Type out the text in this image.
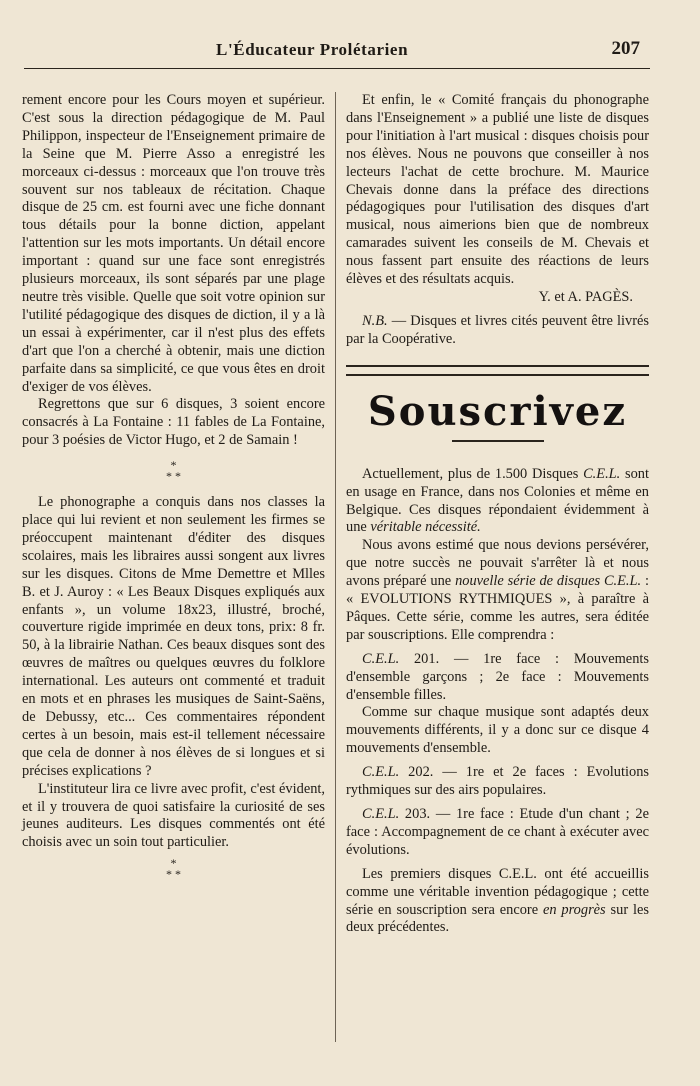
L'Éducateur Prolétarien	207

rement encore pour les Cours moyen et supérieur. C'est sous la direction pédagogique de M. Paul Philippon, inspecteur de l'Enseignement primaire de la Seine que M. Pierre Asso a enregistré les morceaux ci-dessus : morceaux que l'on trouve très souvent sur nos tableaux de récitation. Chaque disque de 25 cm. est fourni avec une fiche donnant tous détails pour la bonne diction, appelant l'attention sur les mots importants. Un détail encore important : quand sur une face sont enregistrés plusieurs morceaux, ils sont séparés par une plage neutre très visible. Quelle que soit votre opinion sur l'utilité pédagogique des disques de diction, il y a là un essai à expérimenter, car il n'est plus des effets d'art que l'on a cherché à obtenir, mais une diction parfaite dans sa simplicité, ce que vous êtes en droit d'exiger de vos élèves.

Regrettons que sur 6 disques, 3 soient encore consacrés à La Fontaine : 11 fables de La Fontaine, pour 3 poésies de Victor Hugo, et 2 de Samain !

*
* *

Le phonographe a conquis dans nos classes la place qui lui revient et non seulement les firmes se préoccupent maintenant d'éditer des disques scolaires, mais les libraires aussi songent aux livres sur les disques. Citons de Mme Demettre et Mlles B. et J. Auroy : « Les Beaux Disques expliqués aux enfants », un volume 18x23, illustré, broché, couverture rigide imprimée en deux tons, prix: 8 fr. 50, à la librairie Nathan. Ces beaux disques sont des œuvres de maîtres ou quelques œuvres du folklore international. Les auteurs ont commenté et traduit en mots et en phrases les musiques de Saint-Saëns, de Debussy, etc... Ces commentaires répondent certes à un besoin, mais est-il tellement nécessaire que cela de donner à nos élèves de si longues et si précises explications ?

L'instituteur lira ce livre avec profit, c'est évident, et il y trouvera de quoi satisfaire la curiosité de ses jeunes auditeurs. Les disques commentés ont été choisis avec un soin tout particulier.

*
* *

Et enfin, le « Comité français du phonographe dans l'Enseignement » a publié une liste de disques pour l'initiation à l'art musical : disques choisis pour nos élèves. Nous ne pouvons que conseiller à nos lecteurs l'achat de cette brochure. M. Maurice Chevais donne dans la préface des directions pédagogiques pour l'utilisation des disques d'art musical, nous aimerions bien que de nombreux camarades suivent les conseils de M. Chevais et nous fassent part ensuite des réactions de leurs élèves et des résultats acquis.

Y. et A. PAGÈS.

N.B. — Disques et livres cités peuvent être livrés par la Coopérative.

Souscrivez

Actuellement, plus de 1.500 Disques C.E.L. sont en usage en France, dans nos Colonies et même en Belgique. Ces disques répondaient évidemment à une véritable nécessité.

Nous avons estimé que nous devions persévérer, que notre succès ne pouvait s'arrêter là et nous avons préparé une nouvelle série de disques C.E.L. : « EVOLUTIONS RYTHMIQUES », à paraître à Pâques. Cette série, comme les autres, sera éditée par souscriptions. Elle comprendra :

C.E.L. 201. — 1re face : Mouvements d'ensemble garçons ; 2e face : Mouvements d'ensemble filles.

Comme sur chaque musique sont adaptés deux mouvements différents, il y a donc sur ce disque 4 mouvements d'ensemble.

C.E.L. 202. — 1re et 2e faces : Evolutions rythmiques sur des airs populaires.

C.E.L. 203. — 1re face : Etude d'un chant ; 2e face : Accompagnement de ce chant à exécuter avec évolutions.

Les premiers disques C.E.L. ont été accueillis comme une véritable invention pédagogique ; cette série en souscription sera encore en progrès sur les deux précédentes.
